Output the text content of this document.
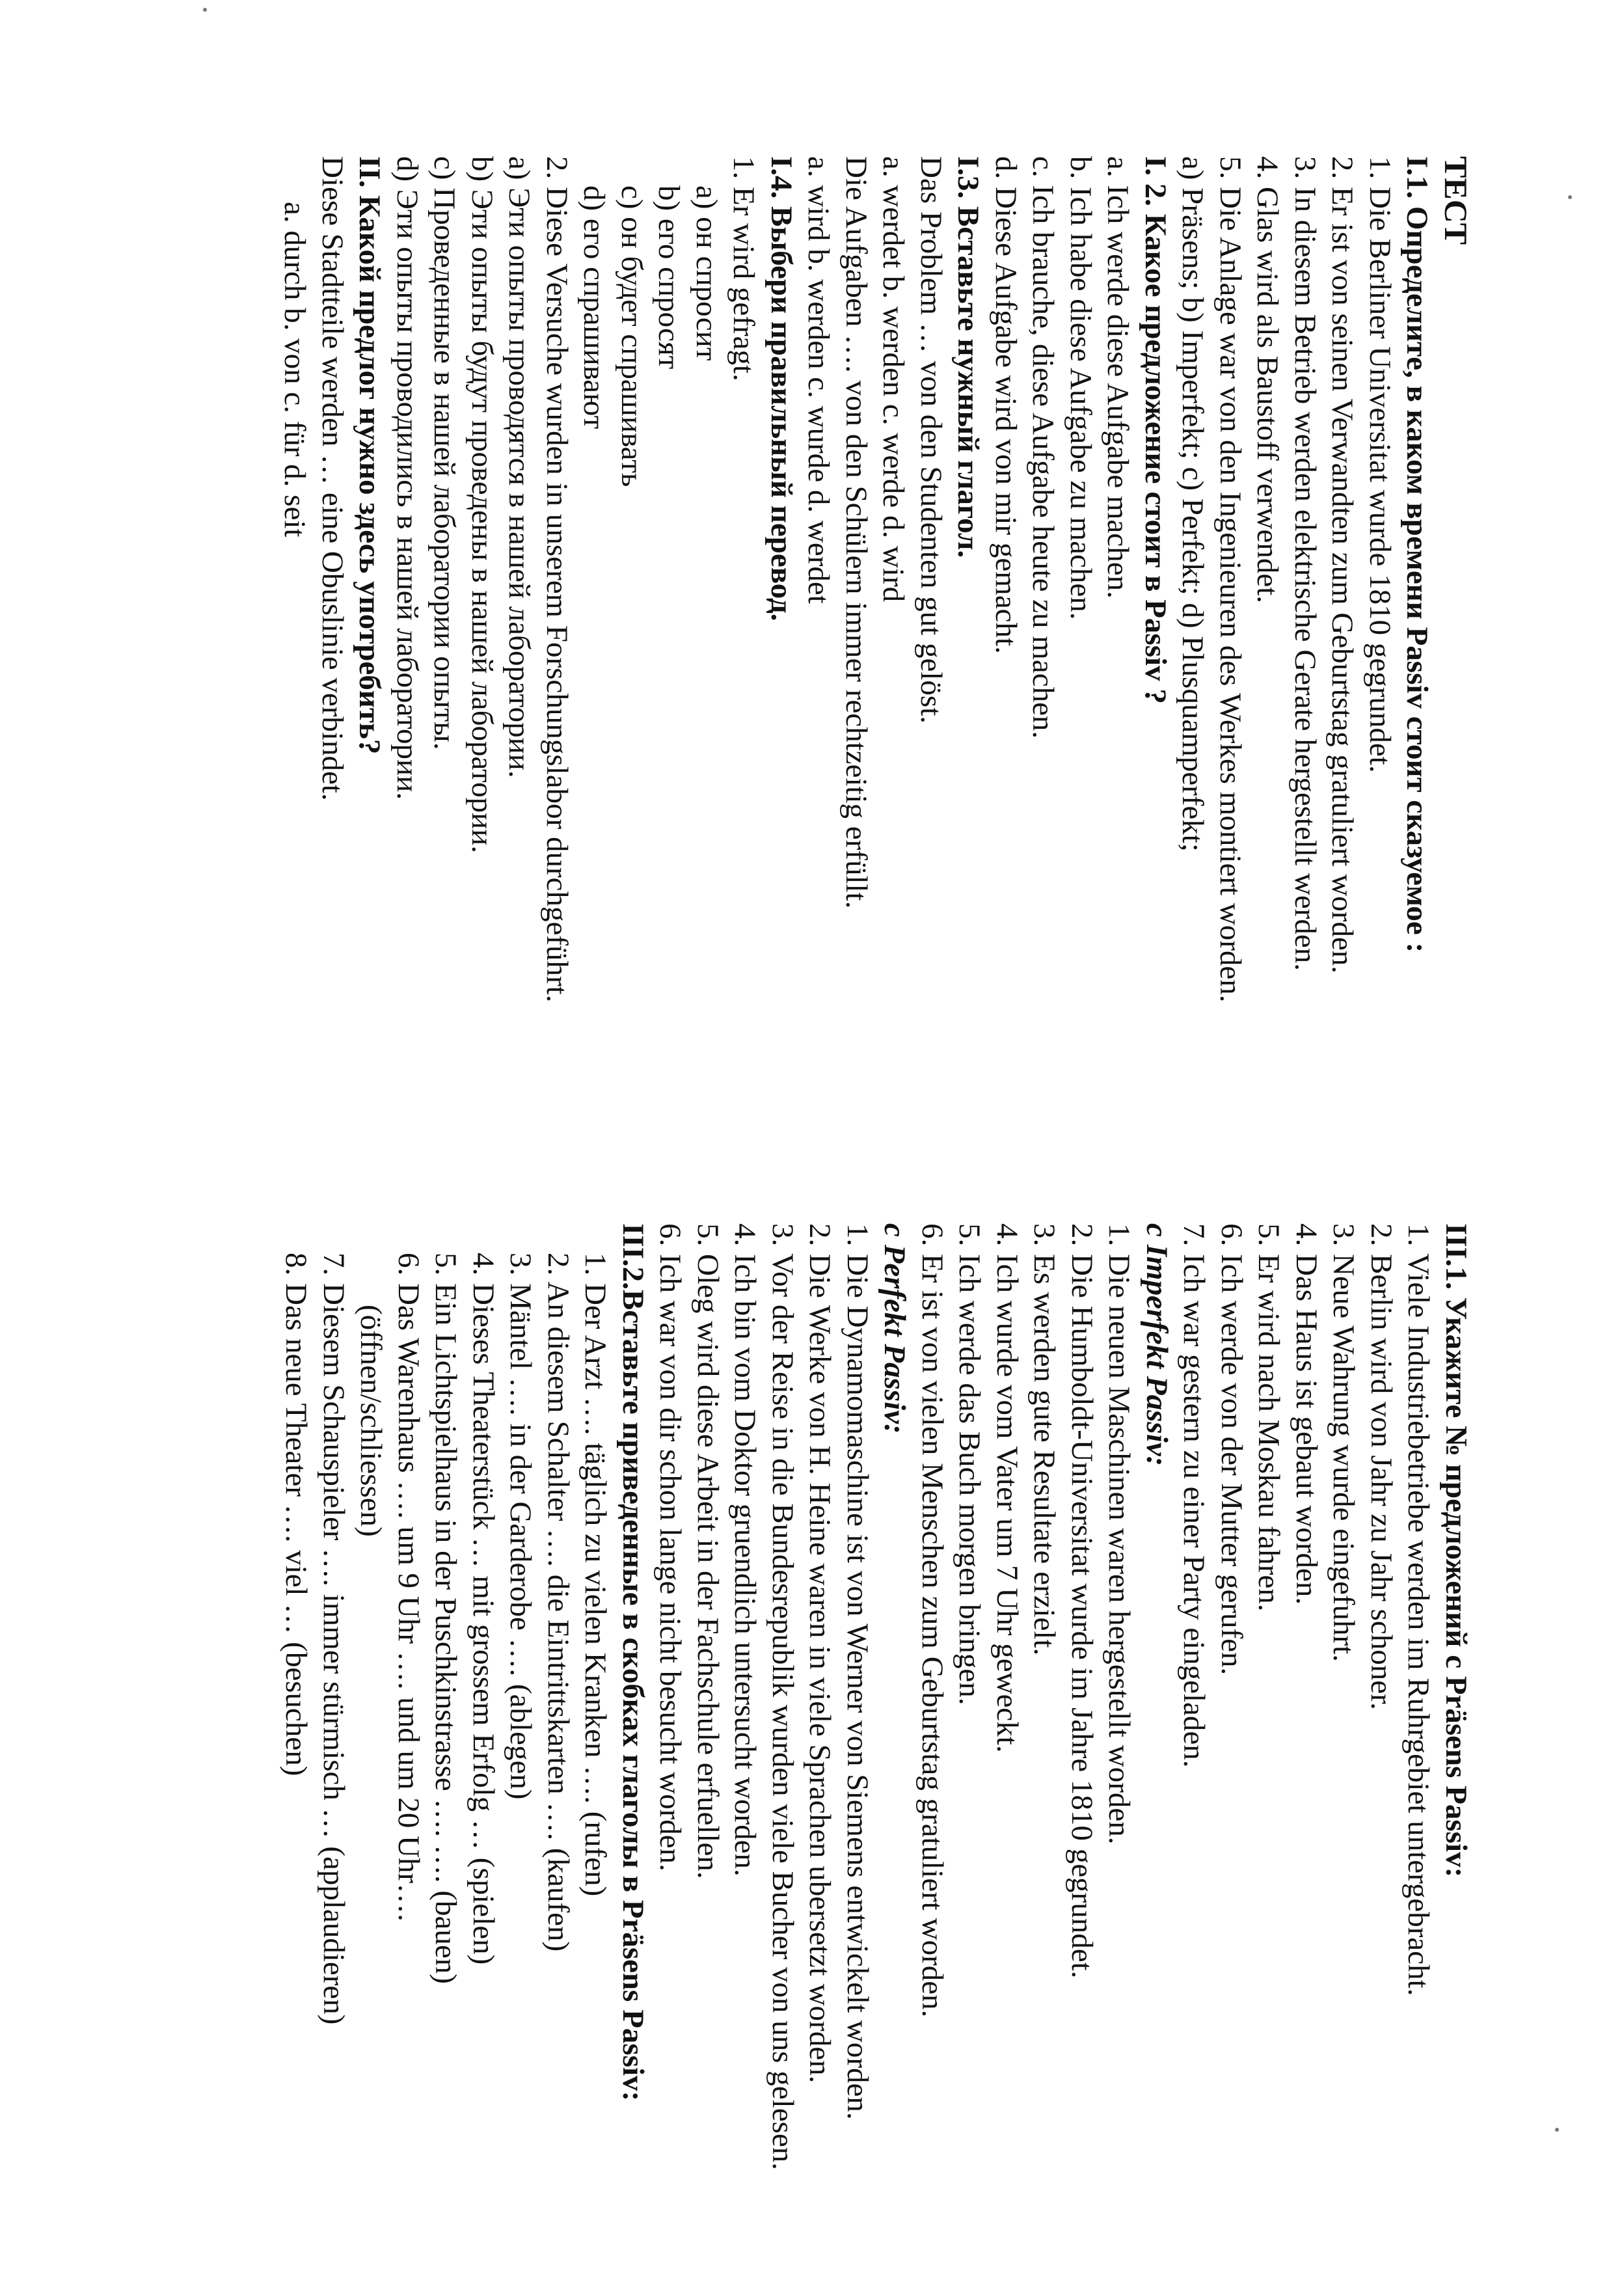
ТЕСТ
I.1. Определите, в каком времени Passiv стоит сказуемое :
1. Die Berliner Universitat wurde 1810 gegrundet.
2. Er ist von seinen Verwandten zum Geburtstag gratuliert worden.
3. In diesem Betrieb werden elektrische Gerate hergestellt werden.
4. Glas wird als Baustoff verwendet.
5. Die Anlage war von den Ingenieuren des Werkes montiert worden.
a) Präsens; b) Imperfekt; c) Perfekt; d) Plusquamperfekt;
I. 2. Какое предложение стоит в Passiv ?
a. Ich werde diese Aufgabe machen.
b. Ich habe diese Aufgabe zu machen.
c. Ich brauche, diese Aufgabe heute zu machen.
d. Diese Aufgabe wird von mir gemacht.
I.3. Вставьте нужный глагол.
Das Problem … von den Studenten gut gelöst.
a. werdet b. werden c. werde d. wird
Die Aufgaben …. von den Schülern immer rechtzeitig erfüllt.
a. wird b. werden c. wurde d. werdet
I.4. Выбери правильный перевод.
1. Er wird gefragt.
a) он спросит
b) его спросят
c) он будет спрашивать
d) его спрашивают
2. Diese Versuche wurden in unserem Forschungslabor durchgeführt.
a) Эти опыты проводятся в нашей лаборатории.
b) Эти опыты будут проведены в нашей лаборатории.
c) Проведенные в нашей лаборатории опыты.
d) Эти опыты проводились в нашей лаборатории.
II. Какой предлог нужно здесь употребить?
Diese Stadtteile werden … eine Obuslinie verbindet.
a. durch b. von c. für d. seit
III.1. Укажите № предложений с Präsens Passiv:
1. Viele Industriebetriebe werden im Ruhrgebiet untergebracht.
2. Berlin wird von Jahr zu Jahr schoner.
3. Neue Wahrung wurde eingefuhrt.
4. Das Haus ist gebaut worden.
5. Er wird nach Moskau fahren.
6. Ich werde von der Mutter gerufen.
7. Ich war gestern zu einer Party eingeladen.
с Imperfekt Passiv:
1. Die neuen Maschinen waren hergestellt worden.
2. Die Humboldt-Universitat wurde im Jahre 1810 gegrundet.
3. Es werden gute Resultate erzielt.
4. Ich wurde vom Vater um 7 Uhr geweckt.
5. Ich werde das Buch morgen bringen.
6. Er ist von vielen Menschen zum Geburtstag gratuliert worden.
с Perfekt Passiv:
1. Die Dynamomaschine ist von Werner von Siemens entwickelt worden.
2. Die Werke von H. Heine waren in viele Sprachen ubersetzt worden.
3. Vor der Reise in die Bundesrepublik wurden viele Bucher von uns gelesen.
4. Ich bin vom Doktor gruendlich untersucht worden.
5. Oleg wird diese Arbeit in der Fachschule erfuellen.
6. Ich war von dir schon lange nicht besucht worden.
III.2.Вставьте приведенные в скобках глаголы в Präsens Passiv:
1. Der Arzt …. täglich zu vielen Kranken …. (rufen)
2. An diesem Schalter …. die Eintrittskarten …. (kaufen)
3. Mäntel …. in der Garderobe …. (ablegen)
4. Dieses Theaterstück … mit grossem Erfolg … (spielen)
5. Ein Lichtspielhaus in der Puschkinstrasse …. …. (bauen)
6. Das Warenhaus …. um 9 Uhr …. und um 20 Uhr….
(öffnen/schliessen)
7. Diesem Schauspieler …. immer stürmisch … (applaudieren)
8. Das neue Theater …. viel … (besuchen)
